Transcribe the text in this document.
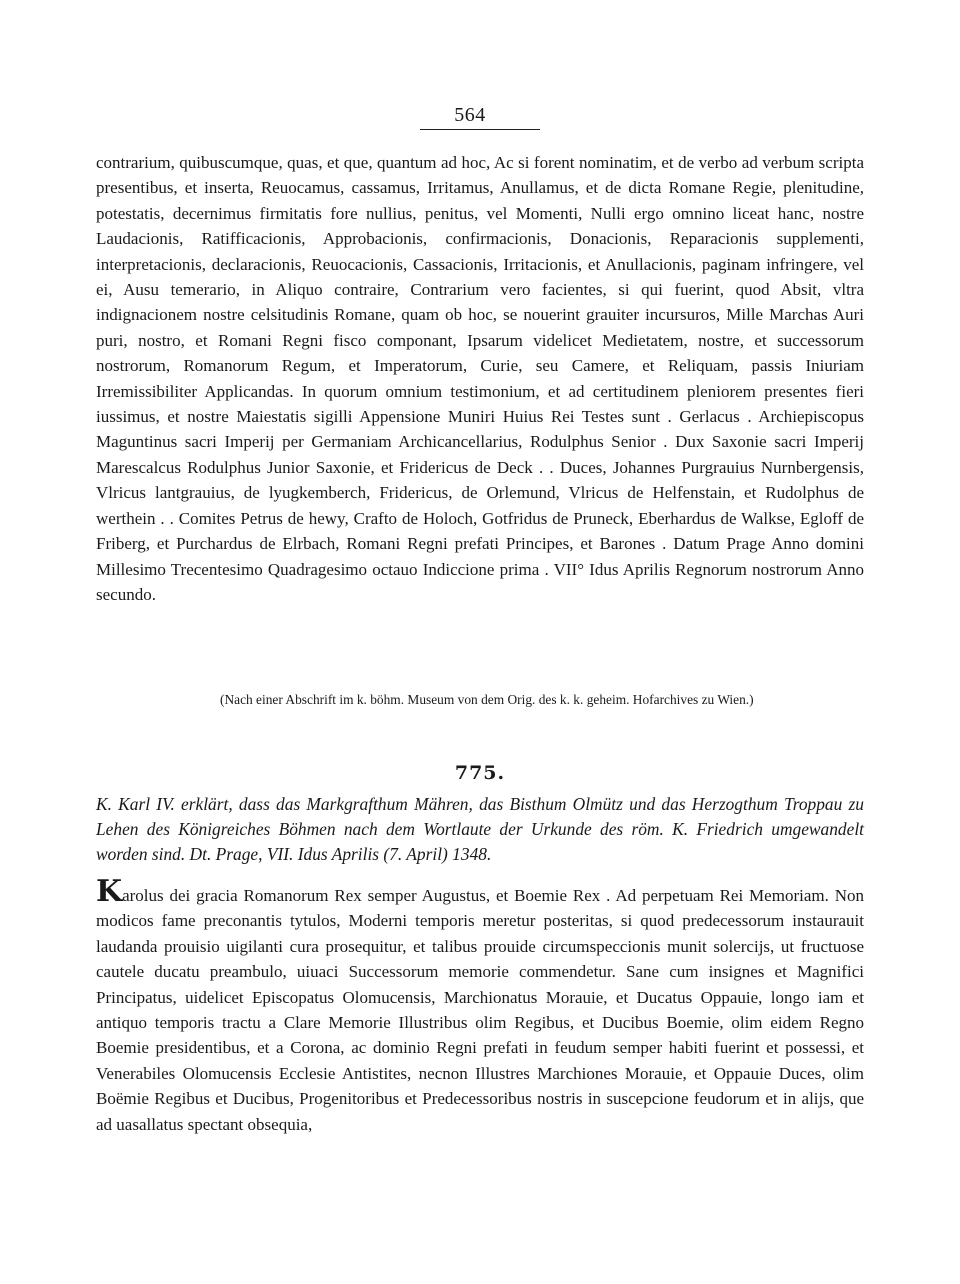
564

contrarium, quibuscumque, quas, et que, quantum ad hoc, Ac si forent nominatim, et de verbo ad verbum scripta presentibus, et inserta, Reuocamus, cassamus, Irritamus, Anullamus, et de dicta Romane Regie, plenitudine, potestatis, decernimus firmitatis fore nullius, penitus, vel Momenti, Nulli ergo omnino liceat hanc, nostre Laudacionis, Ratifficacionis, Approbacionis, confirmacionis, Donacionis, Reparacionis supplementi, interpretacionis, declaracionis, Reuocacionis, Cassacionis, Irritacionis, et Anullacionis, paginam infringere, vel ei, Ausu temerario, in Aliquo contraire, Contrarium vero facientes, si qui fuerint, quod Absit, vltra indignacionem nostre celsitudinis Romane, quam ob hoc, se nouerint grauiter incursuros, Mille Marchas Auri puri, nostro, et Romani Regni fisco componant, Ipsarum videlicet Medietatem, nostre, et successorum nostrorum, Romanorum Regum, et Imperatorum, Curie, seu Camere, et Reliquam, passis Iniuriam Irremissibiliter Applicandas. In quorum omnium testimonium, et ad certitudinem pleniorem presentes fieri iussimus, et nostre Maiestatis sigilli Appensione Muniri Huius Rei Testes sunt . Gerlacus . Archiepiscopus Maguntinus sacri Imperij per Germaniam Archicancellarius, Rodulphus Senior . Dux Saxonie sacri Imperij Marescalcus Rodulphus Junior Saxonie, et Fridericus de Deck . . Duces, Johannes Purgrauius Nurnbergensis, Vlricus lantgrauius, de lyugkemberch, Fridericus, de Orlemund, Vlricus de Helfenstain, et Rudolphus de werthein . . Comites Petrus de hewy, Crafto de Holoch, Gotfridus de Pruneck, Eberhardus de Walkse, Egloff de Friberg, et Purchardus de Elrbach, Romani Regni prefati Principes, et Barones . Datum Prage Anno domini Millesimo Trecentesimo Quadragesimo octauo Indiccione prima . VII° Idus Aprilis Regnorum nostrorum Anno secundo.

(Nach einer Abschrift im k. böhm. Museum von dem Orig. des k. k. geheim. Hofarchives zu Wien.)

775.

K. Karl IV. erklärt, dass das Markgrafthum Mähren, das Bisthum Olmütz und das Herzogthum Troppau zu Lehen des Königreiches Böhmen nach dem Wortlaute der Urkunde des röm. K. Friedrich umgewandelt worden sind. Dt. Prage, VII. Idus Aprilis (7. April) 1348.

Karolus dei gracia Romanorum Rex semper Augustus, et Boemie Rex . Ad perpetuam Rei Memoriam. Non modicos fame preconantis tytulos, Moderni temporis meretur posteritas, si quod predecessorum instaurauit laudanda prouisio uigilanti cura prosequitur, et talibus prouide circumspeccionis munit solercijs, ut fructuose cautele ducatu preambulo, uiuaci Successorum memorie commendetur. Sane cum insignes et Magnifici Principatus, uidelicet Episcopatus Olomucensis, Marchionatus Morauie, et Ducatus Oppauie, longo iam et antiquo temporis tractu a Clare Memorie Illustribus olim Regibus, et Ducibus Boemie, olim eidem Regno Boemie presidentibus, et a Corona, ac dominio Regni prefati in feudum semper habiti fuerint et possessi, et Venerabiles Olomucensis Ecclesie Antistites, necnon Illustres Marchiones Morauie, et Oppauie Duces, olim Boëmie Regibus et Ducibus, Progenitoribus et Predecessoribus nostris in suscepcione feudorum et in alijs, que ad uasallatus spectant obsequia,
